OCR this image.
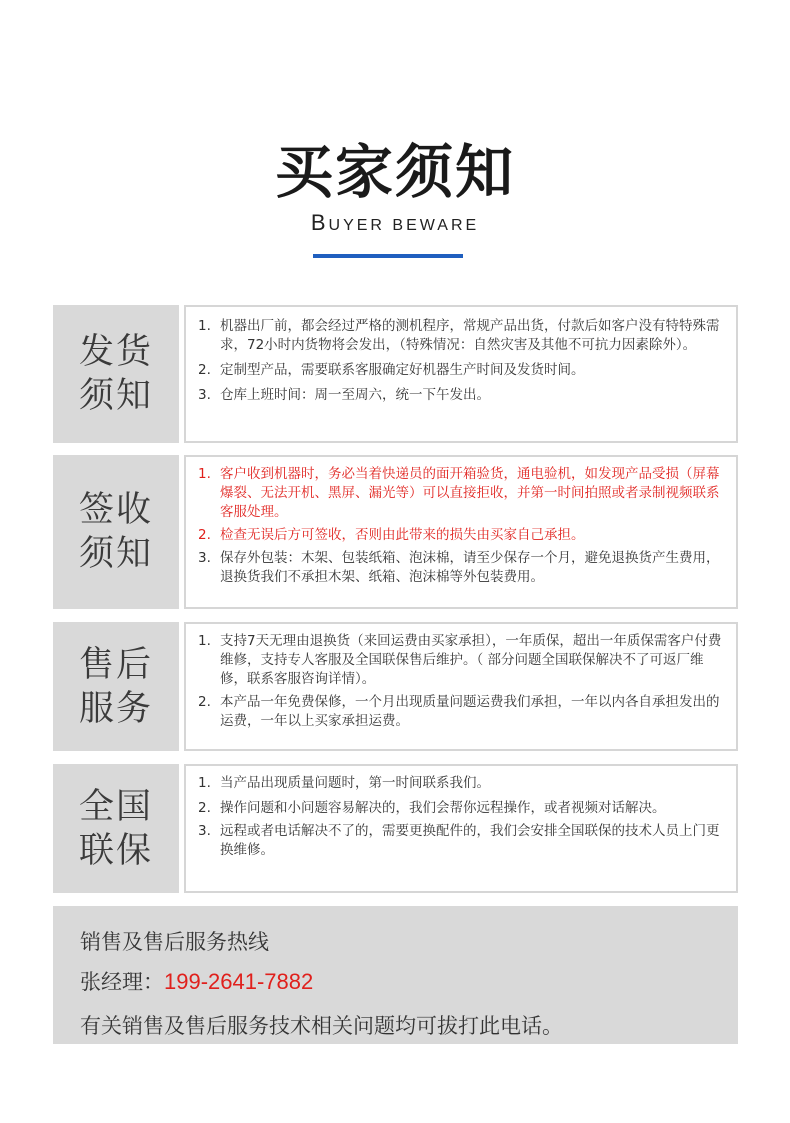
买家须知
BUYER BEWARE
发货须知
1. 机器出厂前，都会经过严格的测机程序，常规产品出货，付款后如客户没有特特殊需求，72小时内货物将会发出，（特殊情况：自然灾害及其他不可抗力因素除外）。
2. 定制型产品，需要联系客服确定好机器生产时间及发货时间。
3. 仓库上班时间：周一至周六，统一下午发出。
签收须知
1. 客户收到机器时，务必当着快递员的面开箱验货，通电验机，如发现产品受损（屏幕爆裂、无法开机、黑屏、漏光等）可以直接拒收，并第一时间拍照或者录制视频联系客服处理。
2. 检查无误后方可签收，否则由此带来的损失由买家自己承担。
3. 保存外包装：木架、包装纸箱、泡沫棉，请至少保存一个月，避免退换货产生费用，退换货我们不承担木架、纸箱、泡沫棉等外包装费用。
售后服务
1. 支持7天无理由退换货（来回运费由买家承担），一年质保，超出一年质保需客户付费维修，支持专人客服及全国联保售后维护。（ 部分问题全国联保解决不了可返厂维修，联系客服咨询详情）。
2. 本产品一年免费保修，一个月出现质量问题运费我们承担，一年以内各自承担发出的运费，一年以上买家承担运费。
全国联保
1. 当产品出现质量问题时，第一时间联系我们。
2. 操作问题和小问题容易解决的，我们会帮你远程操作，或者视频对话解决。
3. 远程或者电话解决不了的，需要更换配件的，我们会安排全国联保的技术人员上门更换维修。
销售及售后服务热线
张经理：199-2641-7882
有关销售及售后服务技术相关问题均可拔打此电话。
